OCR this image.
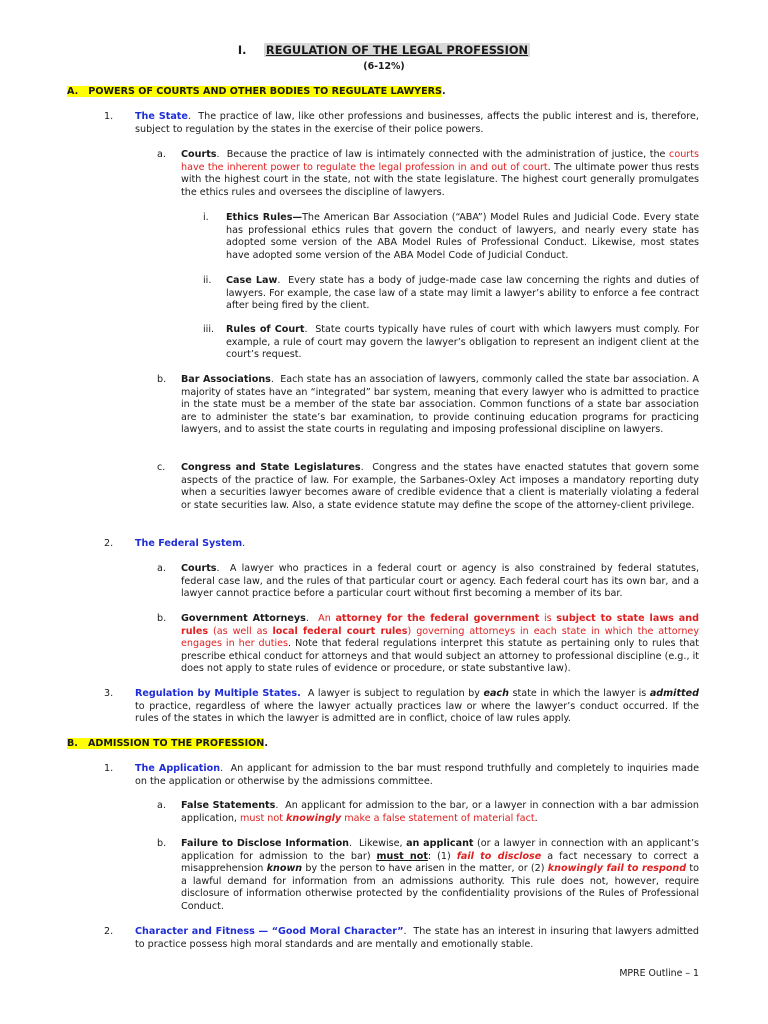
I. REGULATION OF THE LEGAL PROFESSION
(6-12%)
A. POWERS OF COURTS AND OTHER BODIES TO REGULATE LAWYERS.
1. The State.  The practice of law, like other professions and businesses, affects the public interest and is, therefore, subject to regulation by the states in the exercise of their police powers.
a. Courts.  Because the practice of law is intimately connected with the administration of justice, the courts have the inherent power to regulate the legal profession in and out of court. The ultimate power thus rests with the highest court in the state, not with the state legislature. The highest court generally promulgates the ethics rules and oversees the discipline of lawyers.
i. Ethics Rules—The American Bar Association (“ABA”) Model Rules and Judicial Code. Every state has professional ethics rules that govern the conduct of lawyers, and nearly every state has adopted some version of the ABA Model Rules of Professional Conduct. Likewise, most states have adopted some version of the ABA Model Code of Judicial Conduct.
ii. Case Law.  Every state has a body of judge-made case law concerning the rights and duties of lawyers. For example, the case law of a state may limit a lawyer’s ability to enforce a fee contract after being fired by the client.
iii. Rules of Court.  State courts typically have rules of court with which lawyers must comply. For example, a rule of court may govern the lawyer’s obligation to represent an indigent client at the court’s request.
b. Bar Associations.  Each state has an association of lawyers, commonly called the state bar association. A majority of states have an “integrated” bar system, meaning that every lawyer who is admitted to practice in the state must be a member of the state bar association. Common functions of a state bar association are to administer the state’s bar examination, to provide continuing education programs for practicing lawyers, and to assist the state courts in regulating and imposing professional discipline on lawyers.
c. Congress and State Legislatures.  Congress and the states have enacted statutes that govern some aspects of the practice of law. For example, the Sarbanes-Oxley Act imposes a mandatory reporting duty when a securities lawyer becomes aware of credible evidence that a client is materially violating a federal or state securities law. Also, a state evidence statute may define the scope of the attorney-client privilege.
2. The Federal System.
a. Courts.  A lawyer who practices in a federal court or agency is also constrained by federal statutes, federal case law, and the rules of that particular court or agency. Each federal court has its own bar, and a lawyer cannot practice before a particular court without first becoming a member of its bar.
b. Government Attorneys.  An attorney for the federal government is subject to state laws and rules (as well as local federal court rules) governing attorneys in each state in which the attorney engages in her duties. Note that federal regulations interpret this statute as pertaining only to rules that prescribe ethical conduct for attorneys and that would subject an attorney to professional discipline (e.g., it does not apply to state rules of evidence or procedure, or state substantive law).
3. Regulation by Multiple States. A lawyer is subject to regulation by each state in which the lawyer is admitted to practice, regardless of where the lawyer actually practices law or where the lawyer’s conduct occurred. If the rules of the states in which the lawyer is admitted are in conflict, choice of law rules apply.
B. ADMISSION TO THE PROFESSION.
1. The Application.  An applicant for admission to the bar must respond truthfully and completely to inquiries made on the application or otherwise by the admissions committee.
a. False Statements.  An applicant for admission to the bar, or a lawyer in connection with a bar admission application, must not knowingly make a false statement of material fact.
b. Failure to Disclose Information.  Likewise, an applicant (or a lawyer in connection with an applicant’s application for admission to the bar) must not: (1) fail to disclose a fact necessary to correct a misapprehension known by the person to have arisen in the matter, or (2) knowingly fail to respond to a lawful demand for information from an admissions authority. This rule does not, however, require disclosure of information otherwise protected by the confidentiality provisions of the Rules of Professional Conduct.
2. Character and Fitness — “Good Moral Character”.  The state has an interest in insuring that lawyers admitted to practice possess high moral standards and are mentally and emotionally stable.
MPRE Outline – 1
